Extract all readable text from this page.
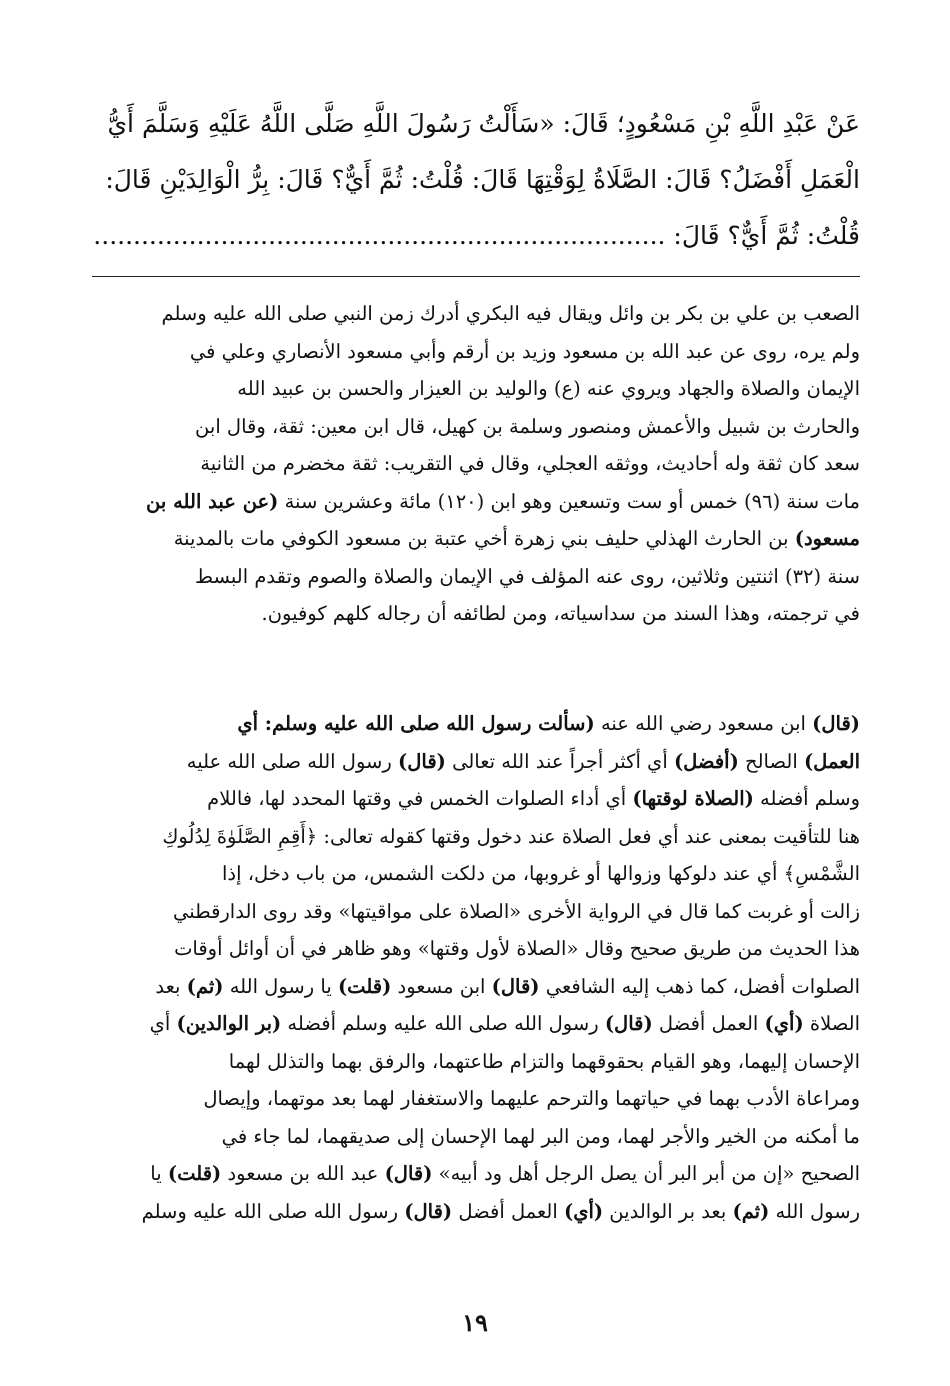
عَنْ عَبْدِ اللَّهِ بْنِ مَسْعُودٍ؛ قَالَ: «سَأَلْتُ رَسُولَ اللَّهِ صَلَّى اللَّهُ عَلَيْهِ وَسَلَّمَ أَيُّ
الْعَمَلِ أَفْضَلُ؟ قَالَ: الصَّلَاةُ لِوَقْتِهَا قَالَ: قُلْتُ: ثُمَّ أَيٌّ؟ قَالَ: بِرُّ الْوَالِدَيْنِ قَالَ:
قُلْتُ: ثُمَّ أَيٌّ؟ قَالَ: ........................................................................
الصعب بن علي بن بكر بن وائل ويقال فيه البكري أدرك زمن النبي صلى الله عليه وسلم
ولم يره، روى عن عبد الله بن مسعود وزيد بن أرقم وأبي مسعود الأنصاري وعلي في
الإيمان والصلاة والجهاد ويروي عنه (ع) والوليد بن العيزار والحسن بن عبيد الله
والحارث بن شبيل والأعمش ومنصور وسلمة بن كهيل، قال ابن معين: ثقة، وقال ابن
سعد كان ثقة وله أحاديث، ووثقه العجلي، وقال في التقريب: ثقة مخضرم من الثانية
مات سنة (٩٦) خمس أو ست وتسعين وهو ابن (١٢٠) مائة وعشرين سنة (عن عبد الله بن
مسعود) بن الحارث الهذلي حليف بني زهرة أخي عتبة بن مسعود الكوفي مات بالمدينة
سنة (٣٢) اثنتين وثلاثين، روى عنه المؤلف في الإيمان والصلاة والصوم وتقدم البسط
في ترجمته، وهذا السند من سداسياته، ومن لطائفه أن رجاله كلهم كوفيون.
(قال) ابن مسعود رضي الله عنه (سألت رسول الله صلى الله عليه وسلم: أي
العمل) الصالح (أفضل) أي أكثر أجراً عند الله تعالى (قال) رسول الله صلى الله عليه
وسلم أفضله (الصلاة لوقتها) أي أداء الصلوات الخمس في وقتها المحدد لها، فاللام
هنا للتأقيت بمعنى عند أي فعل الصلاة عند دخول وقتها كقوله تعالى: ﴿أَقِمِ الصَّلَوٰةَ لِدُلُوكِ
الشَّمْسِ﴾ أي عند دلوكها وزوالها أو غروبها، من دلكت الشمس، من باب دخل، إذا
زالت أو غربت كما قال في الرواية الأخرى «الصلاة على مواقيتها» وقد روى الدارقطني
هذا الحديث من طريق صحيح وقال «الصلاة لأول وقتها» وهو ظاهر في أن أوائل أوقات
الصلوات أفضل، كما ذهب إليه الشافعي (قال) ابن مسعود (قلت) يا رسول الله (ثم) بعد
الصلاة (أي) العمل أفضل (قال) رسول الله صلى الله عليه وسلم أفضله (بر الوالدين) أي
الإحسان إليهما، وهو القيام بحقوقهما والتزام طاعتهما، والرفق بهما والتذلل لهما
ومراعاة الأدب بهما في حياتهما والترحم عليهما والاستغفار لهما بعد موتهما، وإيصال
ما أمكنه من الخير والأجر لهما، ومن البر لهما الإحسان إلى صديقهما، لما جاء في
الصحيح «إن من أبر البر أن يصل الرجل أهل ود أبيه» (قال) عبد الله بن مسعود (قلت) يا
رسول الله (ثم) بعد بر الوالدين (أي) العمل أفضل (قال) رسول الله صلى الله عليه وسلم
١٩
